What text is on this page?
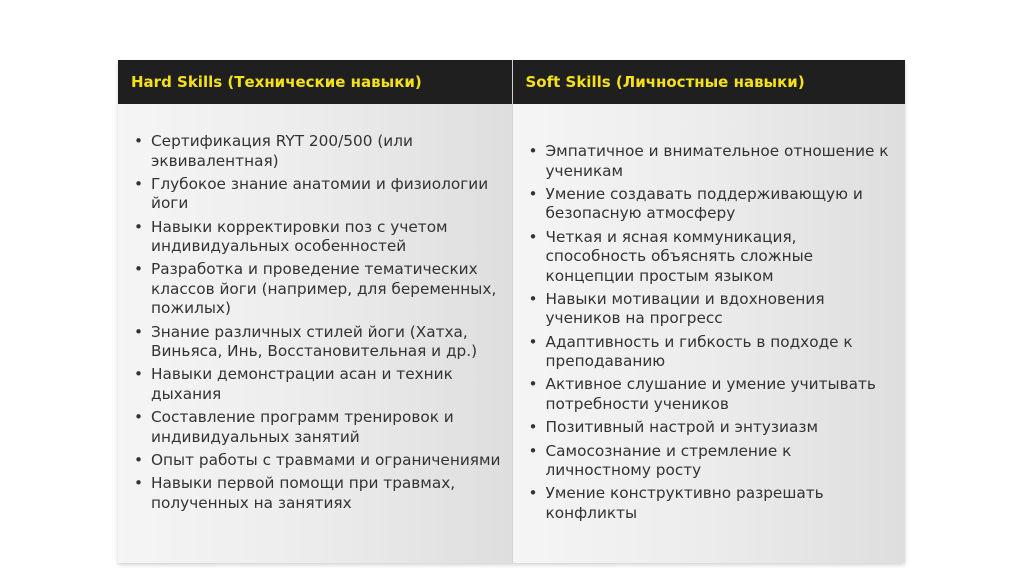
Hard Skills (Технические навыки)
• Сертификация RYT 200/500 (или эквивалентная)
• Глубокое знание анатомии и физиологии йоги
• Навыки корректировки поз с учетом индивидуальных особенностей
• Разработка и проведение тематических классов йоги (например, для беременных, пожилых)
• Знание различных стилей йоги (Хатха, Виньяса, Инь, Восстановительная и др.)
• Навыки демонстрации асан и техник дыхания
• Составление программ тренировок и индивидуальных занятий
• Опыт работы с травмами и ограничениями
• Навыки первой помощи при травмах, полученных на занятиях
Soft Skills (Личностные навыки)
• Эмпатичное и внимательное отношение к ученикам
• Умение создавать поддерживающую и безопасную атмосферу
• Четкая и ясная коммуникация, способность объяснять сложные концепции простым языком
• Навыки мотивации и вдохновения учеников на прогресс
• Адаптивность и гибкость в подходе к преподаванию
• Активное слушание и умение учитывать потребности учеников
• Позитивный настрой и энтузиазм
• Самосознание и стремление к личностному росту
• Умение конструктивно разрешать конфликты
